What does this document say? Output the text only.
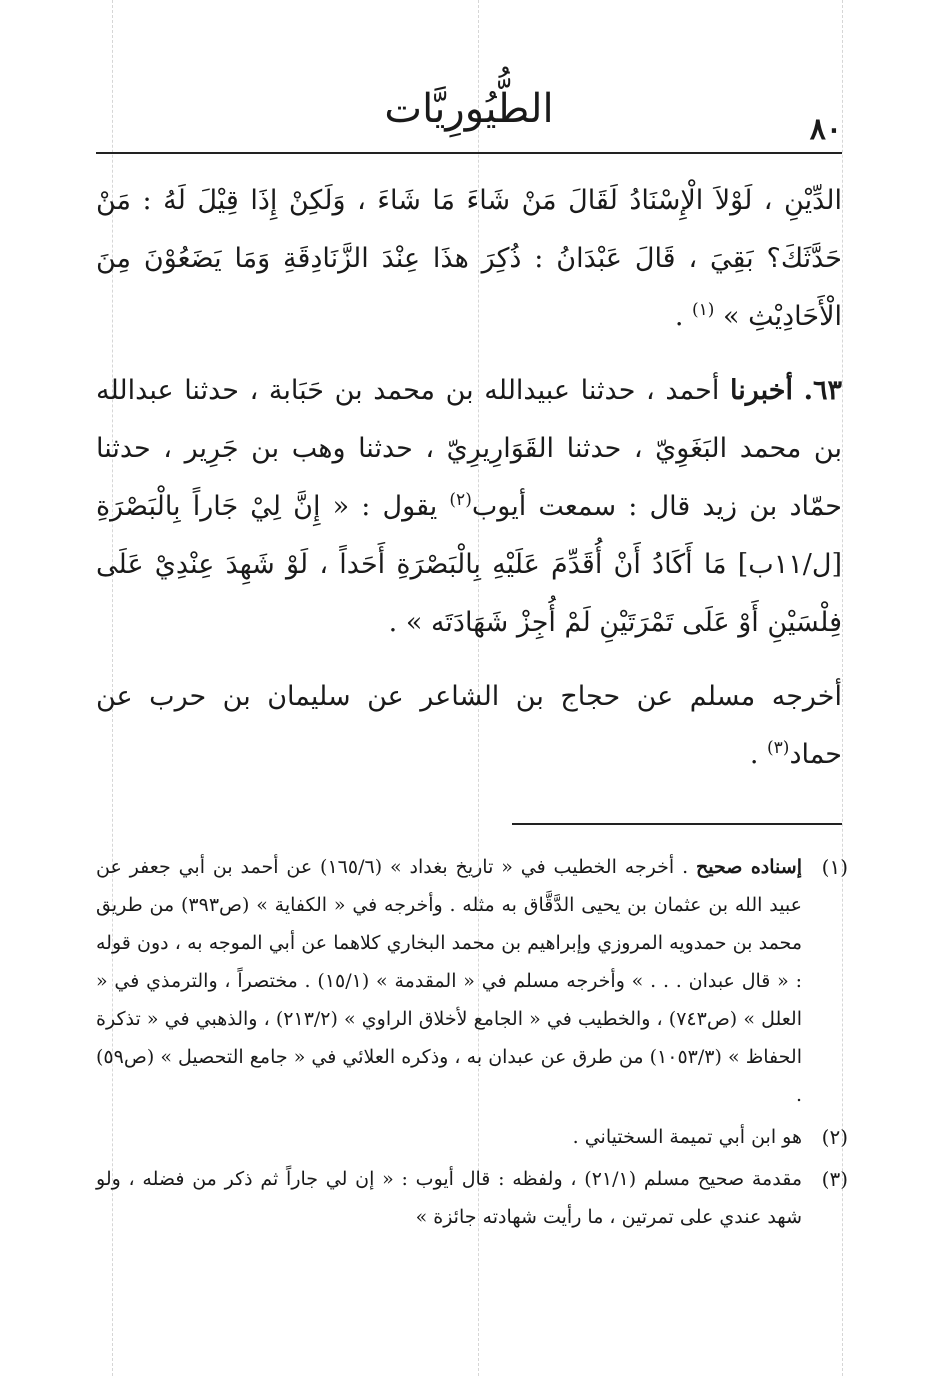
الطُّيُورِيَّات	٨٠

الدِّيْنِ ، لَوْلاَ الْإِسْنَادُ لَقَالَ مَنْ شَاءَ مَا شَاءَ ، وَلَكِنْ إِذَا قِيْلَ لَهُ : مَنْ حَدَّثَكَ؟ بَقِيَ ، قَالَ عَبْدَانُ : ذُكِرَ هذَا عِنْدَ الزَّنَادِقَةِ وَمَا يَضَعُوْنَ مِنَ الْأَحَادِيْثِ » $^{(١)}$ .

٦٣. أخبرنا أحمد ، حدثنا عبيدالله بن محمد بن حَبَابة ، حدثنا عبدالله بن محمد البَغَوِيّ ، حدثنا القَوَارِيرِيّ ، حدثنا وهب بن جَرِير ، حدثنا حمّاد بن زيد قال : سمعت أيوب$^{(٢)}$ يقول : « إِنَّ لِيْ جَاراً بِالْبَصْرَةِ [ل/١١ب] مَا أَكَادُ أَنْ أُقَدِّمَ عَلَيْهِ بِالْبَصْرَةِ أَحَداً ، لَوْ شَهِدَ عِنْدِيْ عَلَى فِلْسَيْنِ أَوْ عَلَى تَمْرَتَيْنِ لَمْ أُجِزْ شَهَادَتَه » .

أخرجه مسلم عن حجاج بن الشاعر عن سليمان بن حرب عن حماد$^{(٣)}$ .

(١)
إسناده صحيح . أخرجه الخطيب في « تاريخ بغداد » (١٦٥/٦) عن أحمد بن أبي جعفر عن عبيد الله بن عثمان بن يحيى الدَّقَّاق به مثله . وأخرجه في « الكفاية » (ص٣٩٣) من طريق محمد بن حمدويه المروزي وإبراهيم بن محمد البخاري كلاهما عن أبي الموجه به ، دون قوله : « قال عبدان . . . » وأخرجه مسلم في « المقدمة » (١٥/١) . مختصراً ، والترمذي في « العلل » (ص٧٤٣) ، والخطيب في « الجامع لأخلاق الراوي » (٢١٣/٢) ، والذهبي في « تذكرة الحفاظ » (١٠٥٣/٣) من طرق عن عبدان به ، وذكره العلائي في « جامع التحصيل » (ص٥٩) .
(٢)
هو ابن أبي تميمة السختياني .
(٣)
مقدمة صحيح مسلم (٢١/١) ، ولفظه : قال أيوب : « إن لي جاراً ثم ذكر من فضله ، ولو شهد عندي على تمرتين ، ما رأيت شهادته جائزة »
